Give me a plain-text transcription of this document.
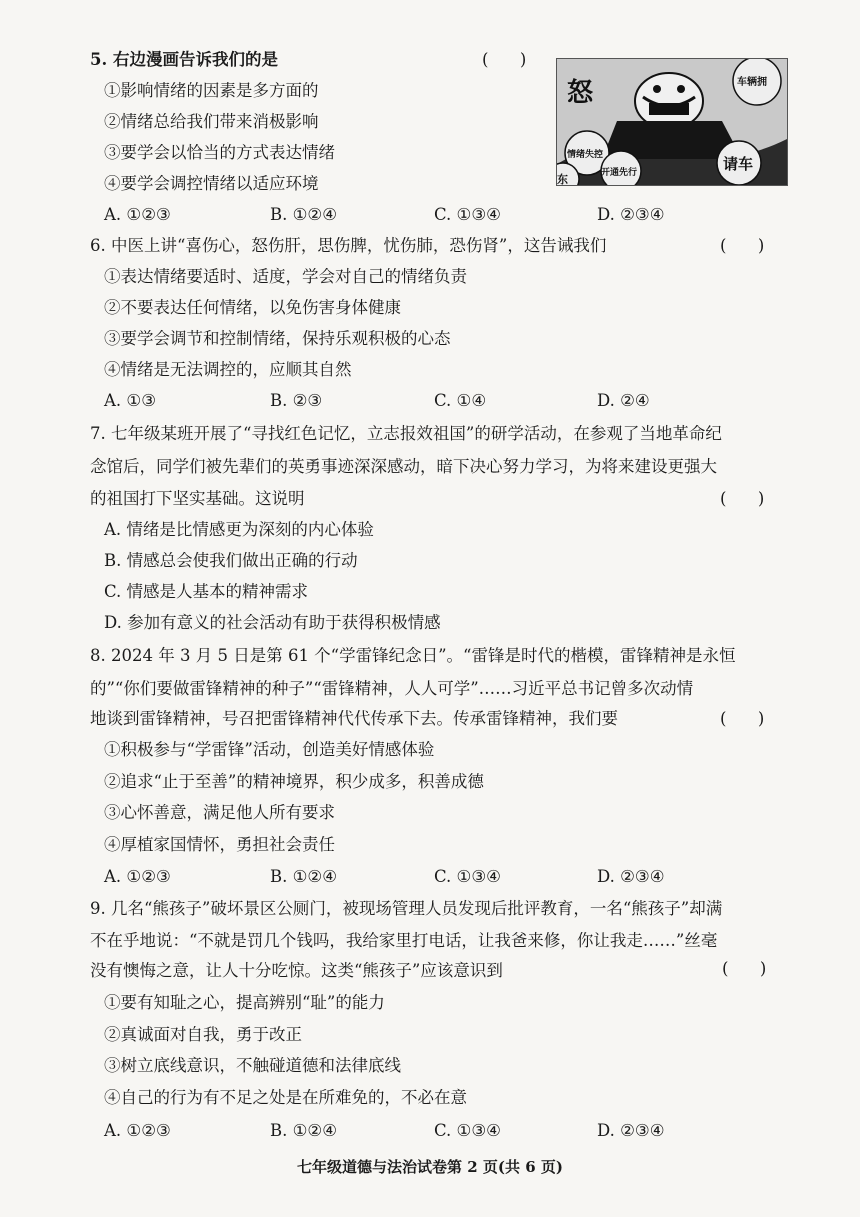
5. 右边漫画告诉我们的是	(      )
①影响情绪的因素是多方面的
②情绪总给我们带来消极影响
③要学会以恰当的方式表达情绪
④要学会调控情绪以适应环境
A. ①②③	B. ①②④	C. ①③④	D. ②③④
怒	车辆拥
情绪失控	请车
开通先行
东
6. 中医上讲“喜伤心，怒伤肝，思伤脾，忧伤肺，恐伤肾”，这告诫我们	(      )
①表达情绪要适时、适度，学会对自己的情绪负责
②不要表达任何情绪，以免伤害身体健康
③要学会调节和控制情绪，保持乐观积极的心态
④情绪是无法调控的，应顺其自然
A. ①③	B. ②③	C. ①④	D. ②④
7. 七年级某班开展了“寻找红色记忆，立志报效祖国”的研学活动，在参观了当地革命纪
念馆后，同学们被先辈们的英勇事迹深深感动，暗下决心努力学习，为将来建设更强大
的祖国打下坚实基础。这说明	(      )
A. 情绪是比情感更为深刻的内心体验
B. 情感总会使我们做出正确的行动
C. 情感是人基本的精神需求
D. 参加有意义的社会活动有助于获得积极情感
8. 2024 年 3 月 5 日是第 61 个“学雷锋纪念日”。“雷锋是时代的楷模，雷锋精神是永恒
的”“你们要做雷锋精神的种子”“雷锋精神，人人可学”……习近平总书记曾多次动情
地谈到雷锋精神，号召把雷锋精神代代传承下去。传承雷锋精神，我们要	(      )
①积极参与“学雷锋”活动，创造美好情感体验
②追求“止于至善”的精神境界，积少成多，积善成德
③心怀善意，满足他人所有要求
④厚植家国情怀，勇担社会责任
A. ①②③	B. ①②④	C. ①③④	D. ②③④
9. 几名“熊孩子”破坏景区公厕门，被现场管理人员发现后批评教育，一名“熊孩子”却满
不在乎地说：“不就是罚几个钱吗，我给家里打电话，让我爸来修，你让我走……”丝毫
没有懊悔之意，让人十分吃惊。这类“熊孩子”应该意识到	(      )
①要有知耻之心，提高辨别“耻”的能力
②真诚面对自我，勇于改正
③树立底线意识，不触碰道德和法律底线
④自己的行为有不足之处是在所难免的，不必在意
A. ①②③	B. ①②④	C. ①③④	D. ②③④
七年级道德与法治试卷第 2 页(共 6 页)
